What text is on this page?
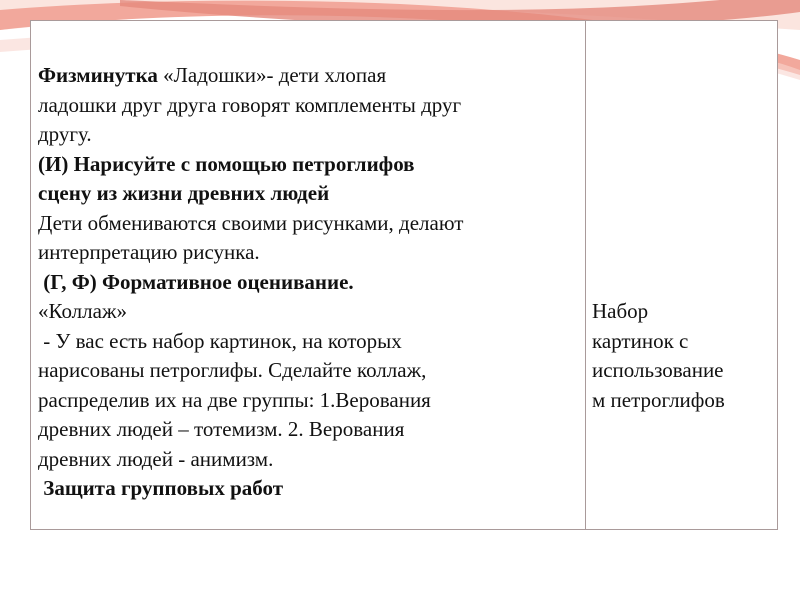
Физминутка «Ладошки»- дети хлопая
ладошки друг друга говорят комплементы друг
другу.
(И) Нарисуйте с помощью петроглифов
сцену из жизни древних людей
Дети обмениваются своими рисунками, делают
интерпретацию рисунка.
(Г, Ф) Формативное оценивание.
«Коллаж»
- У вас есть набор картинок, на которых
нарисованы петроглифы. Сделайте коллаж,
распределив их на две группы: 1.Верования
древних людей – тотемизм. 2. Верования
древних людей - анимизм.
Защита групповых работ
Набор
картинок с
использование
м петроглифов
